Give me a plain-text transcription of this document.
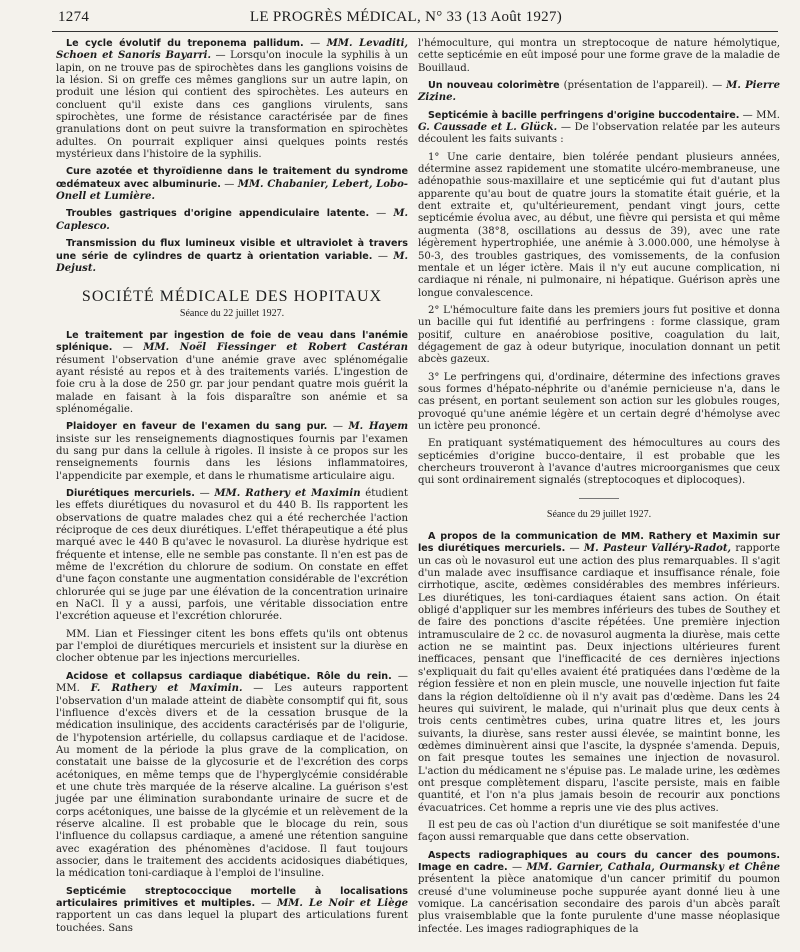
1274	LE PROGRÈS MÉDICAL, N° 33 (13 Août 1927)

Le cycle évolutif du treponema pallidum. — MM. Levaditi, Schoen et Sanoris Bayarri. — Lorsqu'on inocule la syphilis à un lapin, on ne trouve pas de spirochètes dans les ganglions voisins de la lésion. Si on greffe ces mêmes ganglions sur un autre lapin, on produit une lésion qui contient des spirochètes. Les auteurs en concluent qu'il existe dans ces ganglions virulents, sans spirochètes, une forme de résistance caractérisée par de fines granulations dont on peut suivre la transformation en spirochètes adultes. On pourrait expliquer ainsi quelques points restés mystérieux dans l'histoire de la syphilis.

Cure azotée et thyroïdienne dans le traitement du syndrome œdémateux avec albuminurie. — MM. Chabanier, Lebert, Lobo-Onell et Lumière.

Troubles gastriques d'origine appendiculaire latente. — M. Caplesco.

Transmission du flux lumineux visible et ultraviolet à travers une série de cylindres de quartz à orientation variable. — M. Dejust.

SOCIÉTÉ MÉDICALE DES HOPITAUX
Séance du 22 juillet 1927.

Le traitement par ingestion de foie de veau dans l'anémie splénique. — MM. Noël Fiessinger et Robert Castéran résument l'observation d'une anémie grave avec splénomégalie ayant résisté au repos et à des traitements variés. L'ingestion de foie cru à la dose de 250 gr. par jour pendant quatre mois guérit la malade en faisant à la fois disparaître son anémie et sa splénomégalie.

Plaidoyer en faveur de l'examen du sang pur. — M. Hayem insiste sur les renseignements diagnostiques fournis par l'examen du sang pur dans la cellule à rigoles. Il insiste à ce propos sur les renseignements fournis dans les lésions inflammatoires, l'appendicite par exemple, et dans le rhumatisme articulaire aigu.

Diurétiques mercuriels. — MM. Rathery et Maximin étudient les effets diurétiques du novasurol et du 440 B. Ils rapportent les observations de quatre malades chez qui a été recherchée l'action réciproque de ces deux diurétiques. L'effet thérapeutique a été plus marqué avec le 440 B qu'avec le novasurol. La diurèse hydrique est fréquente et intense, elle ne semble pas constante. Il n'en est pas de même de l'excrétion du chlorure de sodium. On constate en effet d'une façon constante une augmentation considérable de l'excrétion chlorurée qui se juge par une élévation de la concentration urinaire en NaCl. Il y a aussi, parfois, une véritable dissociation entre l'excrétion aqueuse et l'excrétion chlorurée.

MM. Lian et Fiessinger citent les bons effets qu'ils ont obtenus par l'emploi de diurétiques mercuriels et insistent sur la diurèse en clocher obtenue par les injections mercurielles.

Acidose et collapsus cardiaque diabétique. Rôle du rein. — MM. F. Rathery et Maximin. — Les auteurs rapportent l'observation d'un malade atteint de diabète consomptif qui fit, sous l'influence d'excès divers et de la cessation brusque de la médication insulinique, des accidents caractérisés par de l'oligurie, de l'hypotension artérielle, du collapsus cardiaque et de l'acidose. Au moment de la période la plus grave de la complication, on constatait une baisse de la glycosurie et de l'excrétion des corps acétoniques, en même temps que de l'hyperglycémie considérable et une chute très marquée de la réserve alcaline. La guérison s'est jugée par une élimination surabondante urinaire de sucre et de corps acétoniques, une baisse de la glycémie et un relèvement de la réserve alcaline. Il est probable que le blocage du rein, sous l'influence du collapsus cardiaque, a amené une rétention sanguine avec exagération des phénomènes d'acidose. Il faut toujours associer, dans le traitement des accidents acidosiques diabétiques, la médication toni-cardiaque à l'emploi de l'insuline.

Septicémie streptococcique mortelle à localisations articulaires primitives et multiples. — MM. Le Noir et Liège rapportent un cas dans lequel la plupart des articulations furent touchées. Sans

l'hémoculture, qui montra un streptocoque de nature hémolytique, cette septicémie en eût imposé pour une forme grave de la maladie de Bouillaud.

Un nouveau colorimètre (présentation de l'appareil). — M. Pierre Zizine.

Septicémie à bacille perfringens d'origine buccodentaire. — MM. G. Caussade et L. Glück. — De l'observation relatée par les auteurs découlent les faits suivants :

1° Une carie dentaire, bien tolérée pendant plusieurs années, détermine assez rapidement une stomatite ulcéro-membraneuse, une adénopathie sous-maxillaire et une septicémie qui fut d'autant plus apparente qu'au bout de quatre jours la stomatite était guérie, et la dent extraite et, qu'ultérieurement, pendant vingt jours, cette septicémie évolua avec, au début, une fièvre qui persista et qui même augmenta (38°8, oscillations au dessus de 39), avec une rate légèrement hypertrophiée, une anémie à 3.000.000, une hémolyse à 50-3, des troubles gastriques, des vomissements, de la confusion mentale et un léger ictère. Mais il n'y eut aucune complication, ni cardiaque ni rénale, ni pulmonaire, ni hépatique. Guérison après une longue convalescence.

2° L'hémoculture faite dans les premiers jours fut positive et donna un bacille qui fut identifié au perfringens : forme classique, gram positif, culture en anaérobiose positive, coagulation du lait, dégagement de gaz à odeur butyrique, inoculation donnant un petit abcès gazeux.

3° Le perfringens qui, d'ordinaire, détermine des infections graves sous formes d'hépato-néphrite ou d'anémie pernicieuse n'a, dans le cas présent, en portant seulement son action sur les globules rouges, provoqué qu'une anémie légère et un certain degré d'hémolyse avec un ictère peu prononcé.

En pratiquant systématiquement des hémocultures au cours des septicémies d'origine bucco-dentaire, il est probable que les chercheurs trouveront à l'avance d'autres microorganismes que ceux qui sont ordinairement signalés (streptocoques et diplocoques).

Séance du 29 juillet 1927.

A propos de la communication de MM. Rathery et Maximin sur les diurétiques mercuriels. — M. Pasteur Valléry-Radot, rapporte un cas où le novasurol eut une action des plus remarquables. Il s'agit d'un malade avec insuffisance cardiaque et insuffisance rénale, foie cirrhotique, ascite, œdèmes considérables des membres inférieurs. Les diurétiques, les toni-cardiaques étaient sans action. On était obligé d'appliquer sur les membres inférieurs des tubes de Southey et de faire des ponctions d'ascite répétées. Une première injection intramusculaire de 2 cc. de novasurol augmenta la diurèse, mais cette action ne se maintint pas. Deux injections ultérieures furent inefficaces, pensant que l'inefficacité de ces dernières injections s'expliquait du fait qu'elles avaient été pratiquées dans l'œdème de la région fessière et non en plein muscle, une nouvelle injection fut faite dans la région deltoïdienne où il n'y avait pas d'œdème. Dans les 24 heures qui suivirent, le malade, qui n'urinait plus que deux cents à trois cents centimètres cubes, urina quatre litres et, les jours suivants, la diurèse, sans rester aussi élevée, se maintint bonne, les œdèmes diminuèrent ainsi que l'ascite, la dyspnée s'amenda. Depuis, on fait presque toutes les semaines une injection de novasurol. L'action du médicament ne s'épuise pas. Le malade urine, les œdèmes ont presque complètement disparu, l'ascite persiste, mais en faible quantité, et l'on n'a plus jamais besoin de recourir aux ponctions évacuatrices. Cet homme a repris une vie des plus actives.

Il est peu de cas où l'action d'un diurétique se soit manifestée d'une façon aussi remarquable que dans cette observation.

Aspects radiographiques au cours du cancer des poumons. Image en cadre. — MM. Garnier, Cathala, Ourmansky et Chêne présentent la pièce anatomique d'un cancer primitif du poumon creusé d'une volumineuse poche suppurée ayant donné lieu à une vomique. La cancérisation secondaire des parois d'un abcès paraît plus vraisemblable que la fonte purulente d'une masse néoplasique infectée. Les images radiographiques de la
